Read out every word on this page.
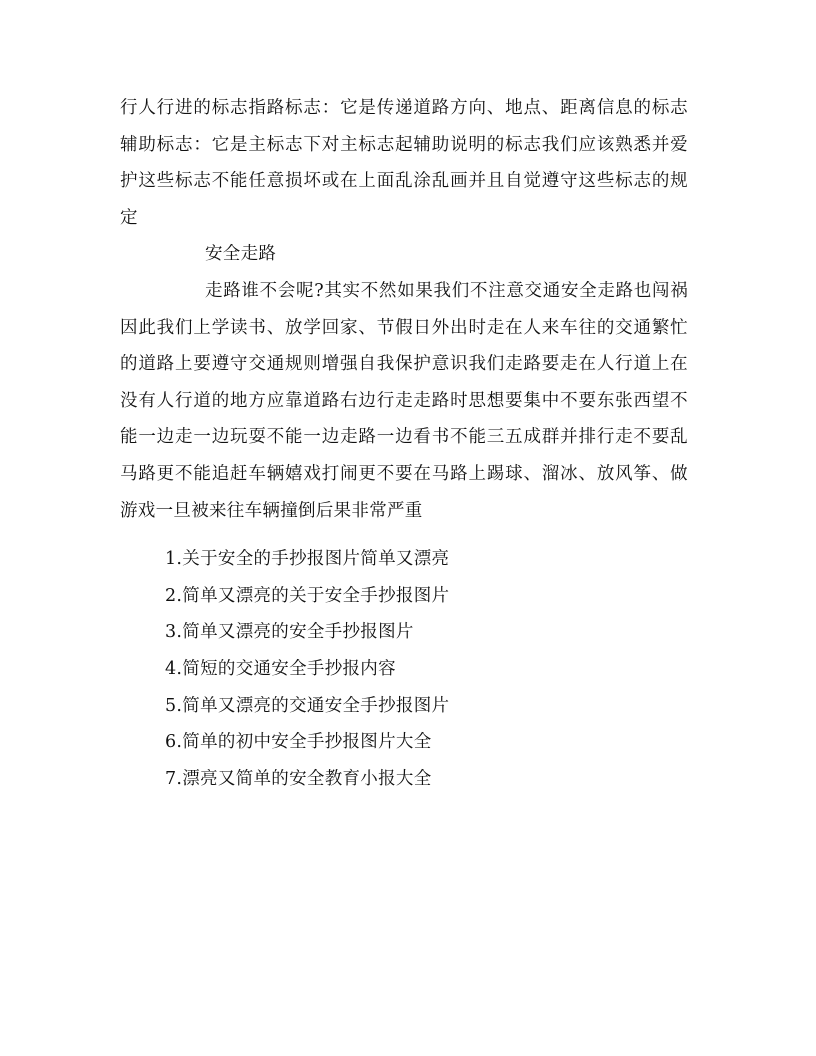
行人行进的标志指路标志：它是传递道路方向、地点、距离信息的标志辅助标志：它是主标志下对主标志起辅助说明的标志我们应该熟悉并爱护这些标志不能任意损坏或在上面乱涂乱画并且自觉遵守这些标志的规定

安全走路

走路谁不会呢?其实不然如果我们不注意交通安全走路也闯祸因此我们上学读书、放学回家、节假日外出时走在人来车往的交通繁忙的道路上要遵守交通规则增强自我保护意识我们走路要走在人行道上在没有人行道的地方应靠道路右边行走走路时思想要集中不要东张西望不能一边走一边玩耍不能一边走路一边看书不能三五成群并排行走不要乱马路更不能追赶车辆嬉戏打闹更不要在马路上踢球、溜冰、放风筝、做游戏一旦被来往车辆撞倒后果非常严重

1.关于安全的手抄报图片简单又漂亮
2.简单又漂亮的关于安全手抄报图片
3.简单又漂亮的安全手抄报图片
4.简短的交通安全手抄报内容
5.简单又漂亮的交通安全手抄报图片
6.简单的初中安全手抄报图片大全
7.漂亮又简单的安全教育小报大全
